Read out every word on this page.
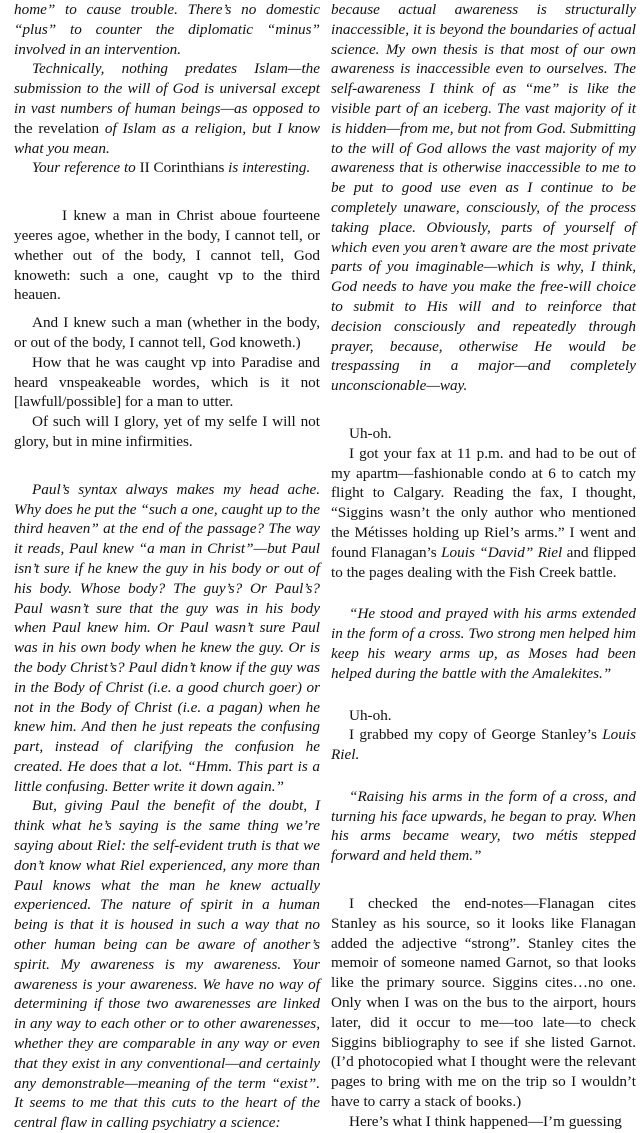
home” to cause trouble. There’s no domestic “plus” to counter the diplomatic “minus” involved in an intervention.

Technically, nothing predates Islam—the submission to the will of God is universal except in vast numbers of human beings—as opposed to the revelation of Islam as a religion, but I know what you mean.

Your reference to II Corinthians is interesting.

I knew a man in Christ aboue fourteene yeeres agoe, whether in the body, I cannot tell, or whether out of the body, I cannot tell, God knoweth: such a one, caught vp to the third heauen.

And I knew such a man (whether in the body, or out of the body, I cannot tell, God knoweth.)

How that he was caught vp into Paradise and heard vnspeakeable wordes, which is it not [lawfull/possible] for a man to utter.

Of such will I glory, yet of my selfe I will not glory, but in mine infirmities.

Paul’s syntax always makes my head ache. Why does he put the “such a one, caught up to the third heaven” at the end of the passage? The way it reads, Paul knew “a man in Christ”—but Paul isn’t sure if he knew the guy in his body or out of his body. Whose body? The guy’s? Or Paul’s? Paul wasn’t sure that the guy was in his body when Paul knew him. Or Paul wasn’t sure Paul was in his own body when he knew the guy. Or is the body Christ’s? Paul didn’t know if the guy was in the Body of Christ (i.e. a good church goer) or not in the Body of Christ (i.e. a pagan) when he knew him. And then he just repeats the confusing part, instead of clarifying the confusion he created. He does that a lot. “Hmm. This part is a little confusing. Better write it down again.”

But, giving Paul the benefit of the doubt, I think what he’s saying is the same thing we’re saying about Riel: the self-evident truth is that we don’t know what Riel experienced, any more than Paul knows what the man he knew actually experienced. The nature of spirit in a human being is that it is housed in such a way that no other human being can be aware of another’s spirit. My awareness is my awareness. Your awareness is your awareness. We have no way of determining if those two awarenesses are linked in any way to each other or to other awarenesses, whether they are comparable in any way or even that they exist in any conventional—and certainly any demonstrable—meaning of the term “exist”. It seems to me that this cuts to the heart of the central flaw in calling psychiatry a science:

because actual awareness is structurally inaccessible, it is beyond the boundaries of actual science. My own thesis is that most of our own awareness is inaccessible even to ourselves. The self-awareness I think of as “me” is like the visible part of an iceberg. The vast majority of it is hidden—from me, but not from God. Submitting to the will of God allows the vast majority of my awareness that is otherwise inaccessible to me to be put to good use even as I continue to be completely unaware, consciously, of the process taking place. Obviously, parts of yourself of which even you aren’t aware are the most private parts of you imaginable—which is why, I think, God needs to have you make the free-will choice to submit to His will and to reinforce that decision consciously and repeatedly through prayer, because, otherwise He would be trespassing in a major—and completely unconscionable—way.

Uh-oh.

I got your fax at 11 p.m. and had to be out of my apartm—fashionable condo at 6 to catch my flight to Calgary. Reading the fax, I thought, “Siggins wasn’t the only author who mentioned the Métisses holding up Riel’s arms.” I went and found Flanagan’s Louis “David” Riel and flipped to the pages dealing with the Fish Creek battle.

“He stood and prayed with his arms extended in the form of a cross. Two strong men helped him keep his weary arms up, as Moses had been helped during the battle with the Amalekites.”

Uh-oh.

I grabbed my copy of George Stanley’s Louis Riel.

“Raising his arms in the form of a cross, and turning his face upwards, he began to pray. When his arms became weary, two métis stepped forward and held them.”

I checked the end-notes—Flanagan cites Stanley as his source, so it looks like Flanagan added the adjective “strong”. Stanley cites the memoir of someone named Garnot, so that looks like the primary source. Siggins cites…no one. Only when I was on the bus to the airport, hours later, did it occur to me—too late—to check Siggins bibliography to see if she listed Garnot. (I’d photocopied what I thought were the relevant pages to bring with me on the trip so I wouldn’t have to carry a stack of books.)

Here’s what I think happened—I’m guessing
